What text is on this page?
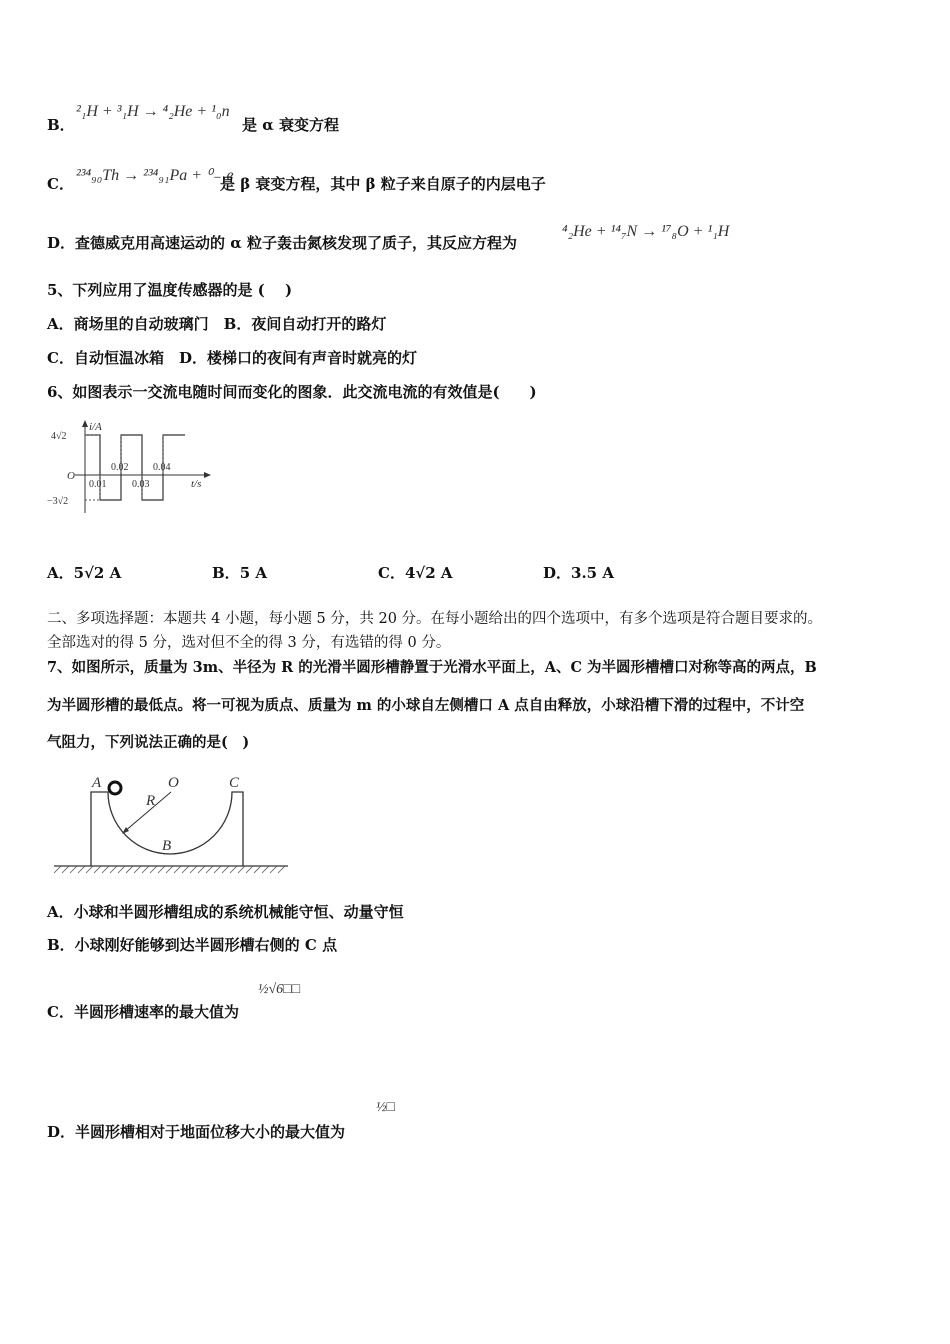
B．
²₁H + ³₁H → ⁴₂He + ¹₀n
是 α 衰变方程
C． ²³⁴₉₀Th → ²³⁴₉₁Pa + ⁰₋₁e
是 β 衰变方程，其中 β 粒子来自原子的内层电子
D． 查德威克用高速运动的 α 粒子轰击氮核发现了质子，其反应方程为
⁴₂He + ¹⁴₇N → ¹⁷₈O + ¹₁H
5、下列应用了温度传感器的是 (　 )
A．商场里的自动玻璃门　B．夜间自动打开的路灯
C．自动恒温冰箱　D．楼梯口的夜间有声音时就亮的灯
6、如图表示一交流电随时间而变化的图象．此交流电流的有效值是(　　)
i/A
t/s
O
4√2
−3√2
0.02 0.04
0.01	0.03
A．5√2 A	B．5 A	C．4√2 A	D．3.5 A
二、多项选择题：本题共 4 小题，每小题 5 分，共 20 分。在每小题给出的四个选项中，有多个选项是符合题目要求的。
全部选对的得 5 分，选对但不全的得 3 分，有选错的得 0 分。
7、如图所示，质量为 3m、半径为 R 的光滑半圆形槽静置于光滑水平面上，A、C 为半圆形槽槽口对称等高的两点，B
为半圆形槽的最低点。将一可视为质点、质量为 m 的小球自左侧槽口 A 点自由释放，小球沿槽下滑的过程中，不计空
气阻力，下列说法正确的是(　)
A	O	C
R
B
A．小球和半圆形槽组成的系统机械能守恒、动量守恒
B．小球刚好能够到达半圆形槽右侧的 C 点
C．半圆形槽速率的最大值为
½√6□□
D．半圆形槽相对于地面位移大小的最大值为
½□
